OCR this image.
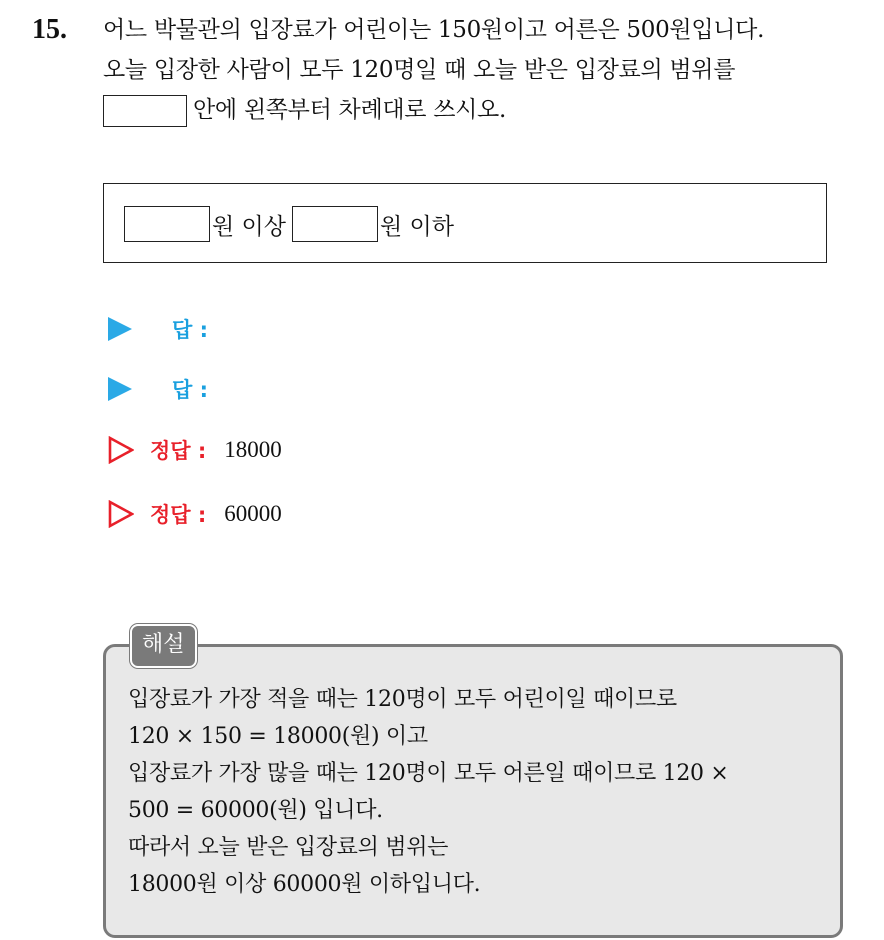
15. 어느 박물관의 입장료가 어린이는 150원이고 어른은 500원입니다.
오늘 입장한 사람이 모두 120명일 때 오늘 받은 입장료의 범위를
안에 왼쪽부터 차례대로 쓰시오.
원 이상	원 이하
답 :
답 :
정답 : 18000
정답 : 60000
해설
입장료가 가장 적을 때는 120명이 모두 어린이일 때이므로
120 × 150 = 18000(원) 이고
입장료가 가장 많을 때는 120명이 모두 어른일 때이므로 120 ×
500 = 60000(원) 입니다.
따라서 오늘 받은 입장료의 범위는
18000원 이상 60000원 이하입니다.
